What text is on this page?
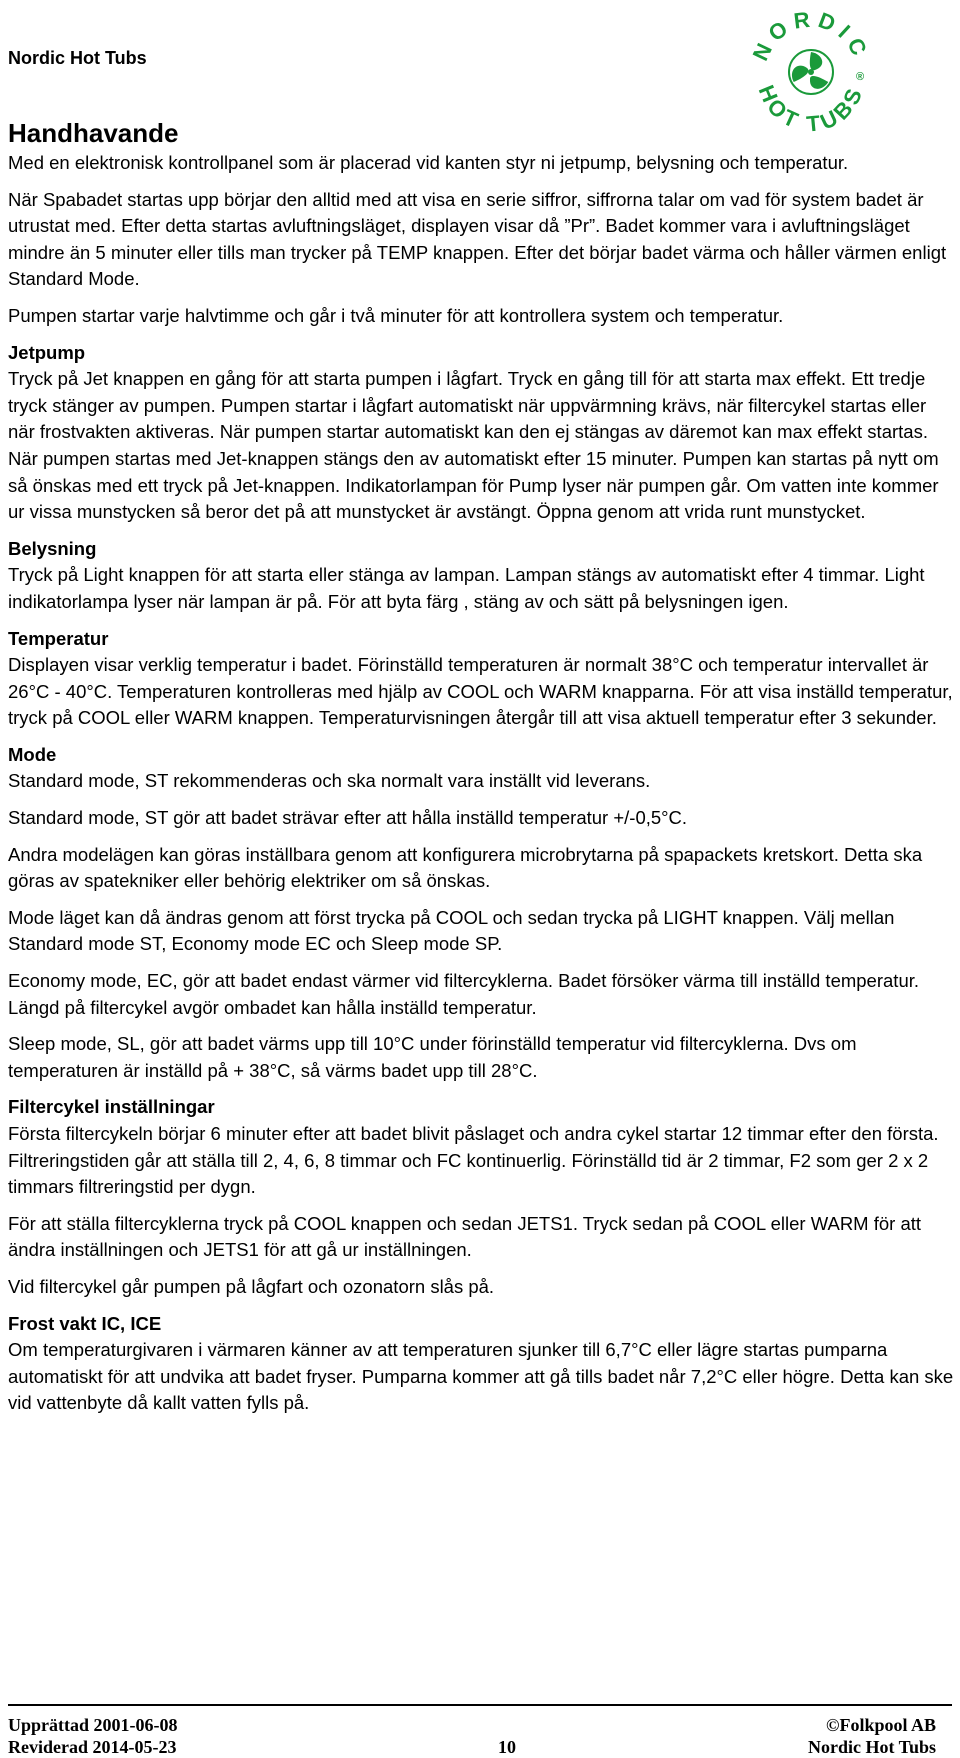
Nordic Hot Tubs	NORDIC
HOT TUBS
®
Handhavande

Med en elektronisk kontrollpanel som är placerad vid kanten styr ni jetpump, belysning och temperatur.

När Spabadet startas upp börjar den alltid med att visa en serie siffror, siffrorna talar om vad för system badet är utrustat med. Efter detta startas avluftningsläget, displayen visar då ”Pr”. Badet kommer vara i avluftningsläget mindre än 5 minuter eller tills man trycker på TEMP knappen. Efter det börjar badet värma och håller värmen enligt Standard Mode.

Pumpen startar varje halvtimme och går i två minuter för att kontrollera system och temperatur.

Jetpump
Tryck på Jet knappen en gång för att starta pumpen i lågfart. Tryck en gång till för att starta max effekt. Ett tredje tryck stänger av pumpen. Pumpen startar i lågfart automatiskt när uppvärmning krävs, när filtercykel startas eller när frostvakten aktiveras. När pumpen startar automatiskt kan den ej stängas av däremot kan max effekt startas. När pumpen startas med Jet-knappen stängs den av automatiskt efter 15 minuter. Pumpen kan startas på nytt om så önskas med ett tryck på Jet-knappen. Indikatorlampan för Pump lyser när pumpen går. Om vatten inte kommer ur vissa munstycken så beror det på att munstycket är avstängt. Öppna genom att vrida runt munstycket.

Belysning
Tryck på Light knappen för att starta eller stänga av lampan. Lampan stängs av automatiskt efter 4 timmar. Light indikatorlampa lyser när lampan är på. För att byta färg , stäng av och sätt på belysningen igen.

Temperatur
Displayen visar verklig temperatur i badet. Förinställd temperaturen är normalt 38°C och temperatur intervallet är 26°C - 40°C. Temperaturen kontrolleras med hjälp av COOL och WARM knapparna. För att visa inställd temperatur, tryck på COOL eller WARM knappen. Temperaturvisningen återgår till att visa aktuell temperatur efter 3 sekunder.

Mode
Standard mode, ST rekommenderas och ska normalt vara inställt vid leverans.

Standard mode, ST gör att badet strävar efter att hålla inställd temperatur +/-0,5°C.

Andra modelägen kan göras inställbara genom att konfigurera microbrytarna på spapackets kretskort. Detta ska göras av spatekniker eller behörig elektriker om så önskas.

Mode läget kan då ändras genom att först trycka på COOL och sedan trycka på LIGHT knappen. Välj mellan Standard mode ST, Economy mode EC och Sleep mode SP.

Economy mode, EC, gör att badet endast värmer vid filtercyklerna. Badet försöker värma till inställd temperatur. Längd på filtercykel avgör ombadet kan hålla inställd temperatur.

Sleep mode, SL, gör att badet värms upp till 10°C under förinställd temperatur vid filtercyklerna. Dvs om temperaturen är inställd på + 38°C, så värms badet upp till 28°C.

Filtercykel inställningar
Första filtercykeln börjar 6 minuter efter att badet blivit påslaget och andra cykel startar 12 timmar efter den första. Filtreringstiden går att ställa till 2, 4, 6, 8 timmar och FC kontinuerlig. Förinställd tid är 2 timmar, F2 som ger 2 x 2 timmars filtreringstid per dygn.

För att ställa filtercyklerna tryck på COOL knappen och sedan JETS1. Tryck sedan på COOL eller WARM för att ändra inställningen och JETS1 för att gå ur inställningen.

Vid filtercykel går pumpen på lågfart och ozonatorn slås på.

Frost vakt IC, ICE
Om temperaturgivaren i värmaren känner av att temperaturen sjunker till 6,7°C eller lägre startas pumparna automatiskt för att undvika att badet fryser. Pumparna kommer att gå tills badet når 7,2°C eller högre. Detta kan ske vid vattenbyte då kallt vatten fylls på.

Upprättad 2001-06-08
Reviderad 2014-05-23	10
©Folkpool AB
Nordic Hot Tubs
